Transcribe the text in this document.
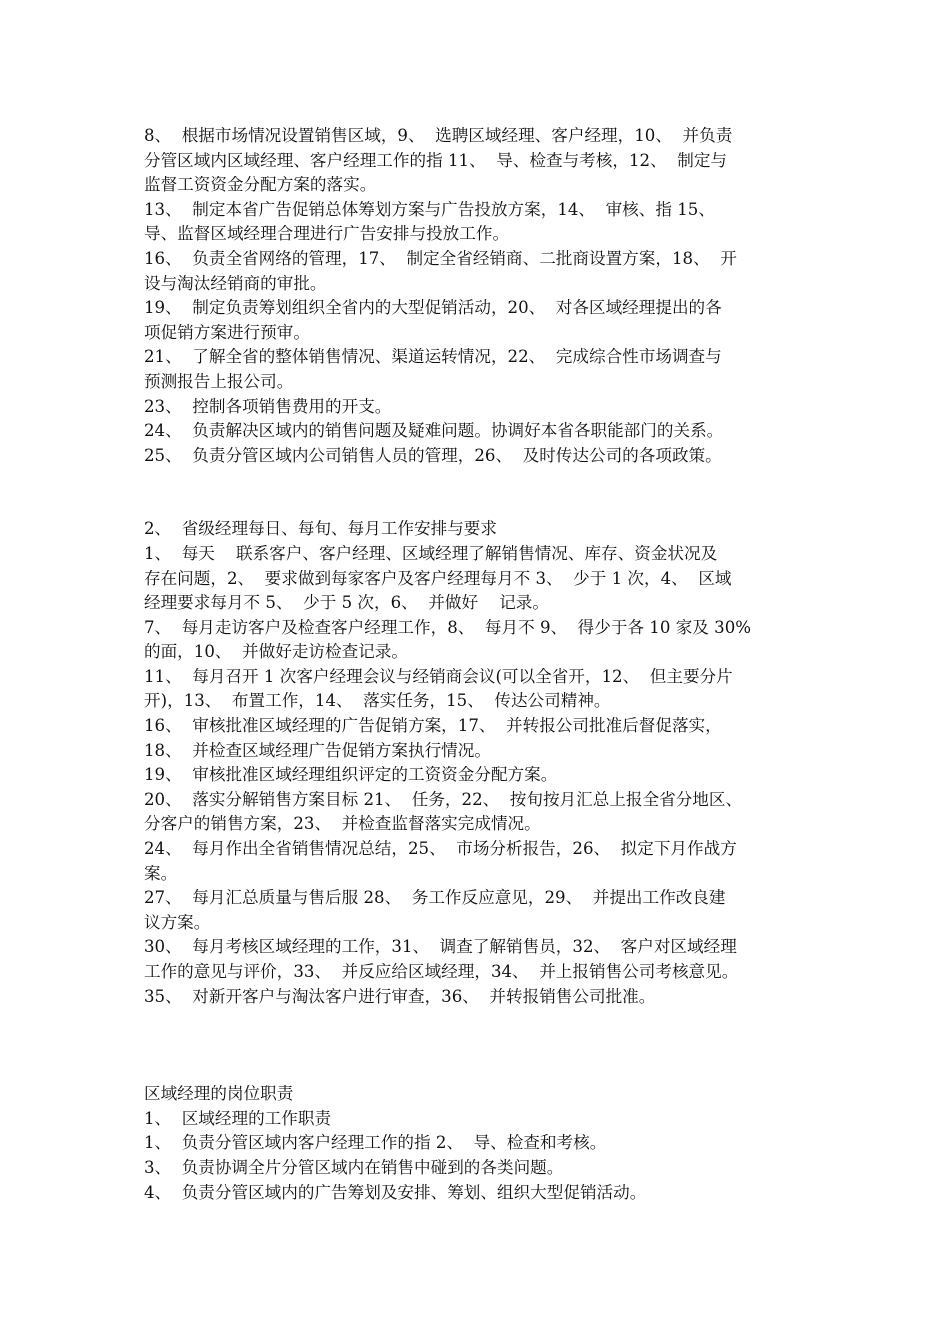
8、  根据市场情况设置销售区域，9、  选聘区域经理、客户经理，10、  并负责
分管区域内区域经理、客户经理工作的指 11、  导、检查与考核，12、  制定与
监督工资资金分配方案的落实。
13、  制定本省广告促销总体筹划方案与广告投放方案，14、  审核、指 15、
导、监督区域经理合理进行广告安排与投放工作。
16、  负责全省网络的管理，17、  制定全省经销商、二批商设置方案，18、  开
设与淘汰经销商的审批。
19、  制定负责筹划组织全省内的大型促销活动，20、  对各区域经理提出的各
项促销方案进行预审。
21、  了解全省的整体销售情况、渠道运转情况，22、  完成综合性市场调查与
预测报告上报公司。
23、  控制各项销售费用的开支。
24、  负责解决区域内的销售问题及疑难问题。协调好本省各职能部门的关系。
25、  负责分管区域内公司销售人员的管理，26、  及时传达公司的各项政策。
2、  省级经理每日、每旬、每月工作安排与要求
1、  每天    联系客户、客户经理、区域经理了解销售情况、库存、资金状况及
存在问题，2、  要求做到每家客户及客户经理每月不 3、  少于 1 次，4、  区域
经理要求每月不 5、  少于 5 次，6、  并做好    记录。
7、  每月走访客户及检查客户经理工作，8、  每月不 9、  得少于各 10 家及 30%
的面，10、  并做好走访检查记录。
11、  每月召开 1 次客户经理会议与经销商会议(可以全省开，12、  但主要分片
开)，13、  布置工作，14、  落实任务，15、  传达公司精神。
16、  审核批准区域经理的广告促销方案，17、  并转报公司批准后督促落实，
18、  并检查区域经理广告促销方案执行情况。
19、  审核批准区域经理组织评定的工资资金分配方案。
20、  落实分解销售方案目标 21、  任务，22、  按旬按月汇总上报全省分地区、
分客户的销售方案，23、  并检查监督落实完成情况。
24、  每月作出全省销售情况总结，25、  市场分析报告，26、  拟定下月作战方
案。
27、  每月汇总质量与售后服 28、  务工作反应意见，29、  并提出工作改良建
议方案。
30、  每月考核区域经理的工作，31、  调查了解销售员，32、  客户对区域经理
工作的意见与评价，33、  并反应给区域经理，34、  并上报销售公司考核意见。
35、  对新开客户与淘汰客户进行审查，36、  并转报销售公司批准。
区域经理的岗位职责
1、  区域经理的工作职责
1、  负责分管区域内客户经理工作的指 2、  导、检查和考核。
3、  负责协调全片分管区域内在销售中碰到的各类问题。
4、  负责分管区域内的广告筹划及安排、筹划、组织大型促销活动。
